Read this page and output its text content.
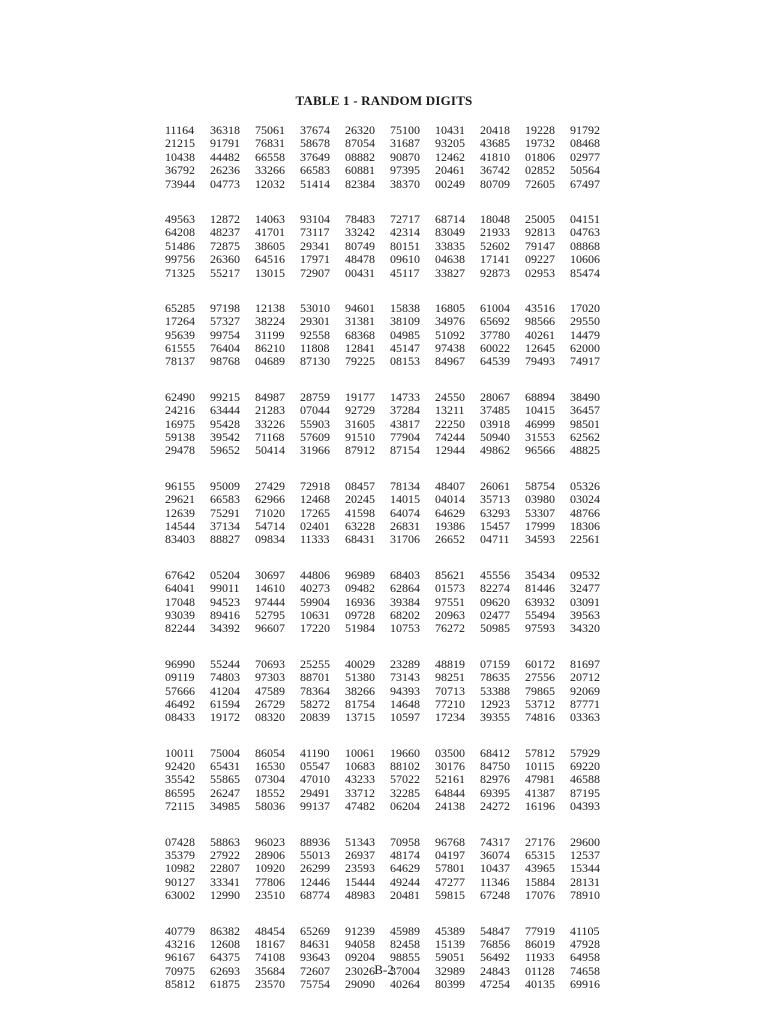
TABLE 1 - RANDOM DIGITS
11164	36318	75061	37674	26320	75100	10431	20418	19228	91792
21215	91791	76831	58678	87054	31687	93205	43685	19732	08468
10438	44482	66558	37649	08882	90870	12462	41810	01806	02977
36792	26236	33266	66583	60881	97395	20461	36742	02852	50564
73944	04773	12032	51414	82384	38370	00249	80709	72605	67497
49563	12872	14063	93104	78483	72717	68714	18048	25005	04151
64208	48237	41701	73117	33242	42314	83049	21933	92813	04763
51486	72875	38605	29341	80749	80151	33835	52602	79147	08868
99756	26360	64516	17971	48478	09610	04638	17141	09227	10606
71325	55217	13015	72907	00431	45117	33827	92873	02953	85474
65285	97198	12138	53010	94601	15838	16805	61004	43516	17020
17264	57327	38224	29301	31381	38109	34976	65692	98566	29550
95639	99754	31199	92558	68368	04985	51092	37780	40261	14479
61555	76404	86210	11808	12841	45147	97438	60022	12645	62000
78137	98768	04689	87130	79225	08153	84967	64539	79493	74917
62490	99215	84987	28759	19177	14733	24550	28067	68894	38490
24216	63444	21283	07044	92729	37284	13211	37485	10415	36457
16975	95428	33226	55903	31605	43817	22250	03918	46999	98501
59138	39542	71168	57609	91510	77904	74244	50940	31553	62562
29478	59652	50414	31966	87912	87154	12944	49862	96566	48825
96155	95009	27429	72918	08457	78134	48407	26061	58754	05326
29621	66583	62966	12468	20245	14015	04014	35713	03980	03024
12639	75291	71020	17265	41598	64074	64629	63293	53307	48766
14544	37134	54714	02401	63228	26831	19386	15457	17999	18306
83403	88827	09834	11333	68431	31706	26652	04711	34593	22561
67642	05204	30697	44806	96989	68403	85621	45556	35434	09532
64041	99011	14610	40273	09482	62864	01573	82274	81446	32477
17048	94523	97444	59904	16936	39384	97551	09620	63932	03091
93039	89416	52795	10631	09728	68202	20963	02477	55494	39563
82244	34392	96607	17220	51984	10753	76272	50985	97593	34320
96990	55244	70693	25255	40029	23289	48819	07159	60172	81697
09119	74803	97303	88701	51380	73143	98251	78635	27556	20712
57666	41204	47589	78364	38266	94393	70713	53388	79865	92069
46492	61594	26729	58272	81754	14648	77210	12923	53712	87771
08433	19172	08320	20839	13715	10597	17234	39355	74816	03363
10011	75004	86054	41190	10061	19660	03500	68412	57812	57929
92420	65431	16530	05547	10683	88102	30176	84750	10115	69220
35542	55865	07304	47010	43233	57022	52161	82976	47981	46588
86595	26247	18552	29491	33712	32285	64844	69395	41387	87195
72115	34985	58036	99137	47482	06204	24138	24272	16196	04393
07428	58863	96023	88936	51343	70958	96768	74317	27176	29600
35379	27922	28906	55013	26937	48174	04197	36074	65315	12537
10982	22807	10920	26299	23593	64629	57801	10437	43965	15344
90127	33341	77806	12446	15444	49244	47277	11346	15884	28131
63002	12990	23510	68774	48983	20481	59815	67248	17076	78910
40779	86382	48454	65269	91239	45989	45389	54847	77919	41105
43216	12608	18167	84631	94058	82458	15139	76856	86019	47928
96167	64375	74108	93643	09204	98855	59051	56492	11933	64958
70975	62693	35684	72607	23026	37004	32989	24843	01128	74658
85812	61875	23570	75754	29090	40264	80399	47254	40135	69916
B-2
